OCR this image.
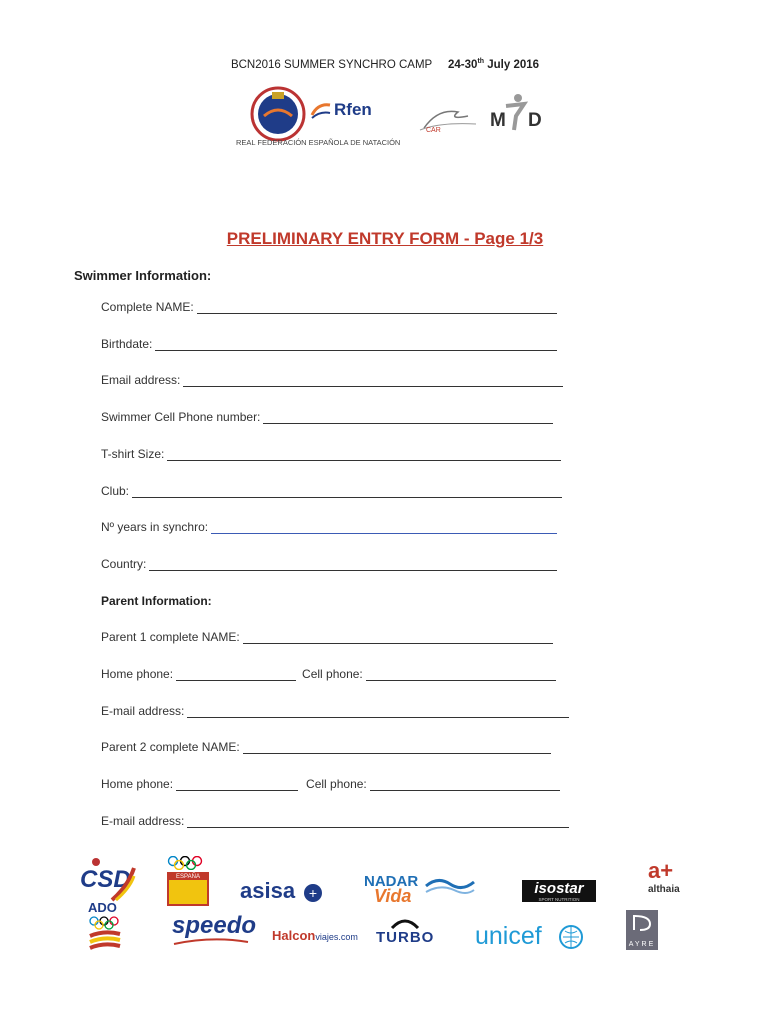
BCN2016 SUMMER SYNCHRO CAMP 24-30th July 2016
Rfen
REAL FEDERACIÓN ESPAÑOLA DE NATACIÓN
CAR	M D
PRELIMINARY ENTRY FORM - Page 1/3
Swimmer Information:
Complete NAME:
Birthdate:
Email address:
Swimmer Cell Phone number:
T-shirt Size:
Club:
Nº years in synchro:
Country:
Parent Information:
Parent 1 complete NAME:
Home phone:	Cell phone:
E-mail address:
Parent 2 complete NAME:
Home phone:	Cell phone:
E-mail address:
CSD
ADO
ESPAÑA
asisa +
NADAR
Vida	isostar
SPORT NUTRITION
a+
althaia
speedo Halconviajes.com TURBO unicef	AYRE
